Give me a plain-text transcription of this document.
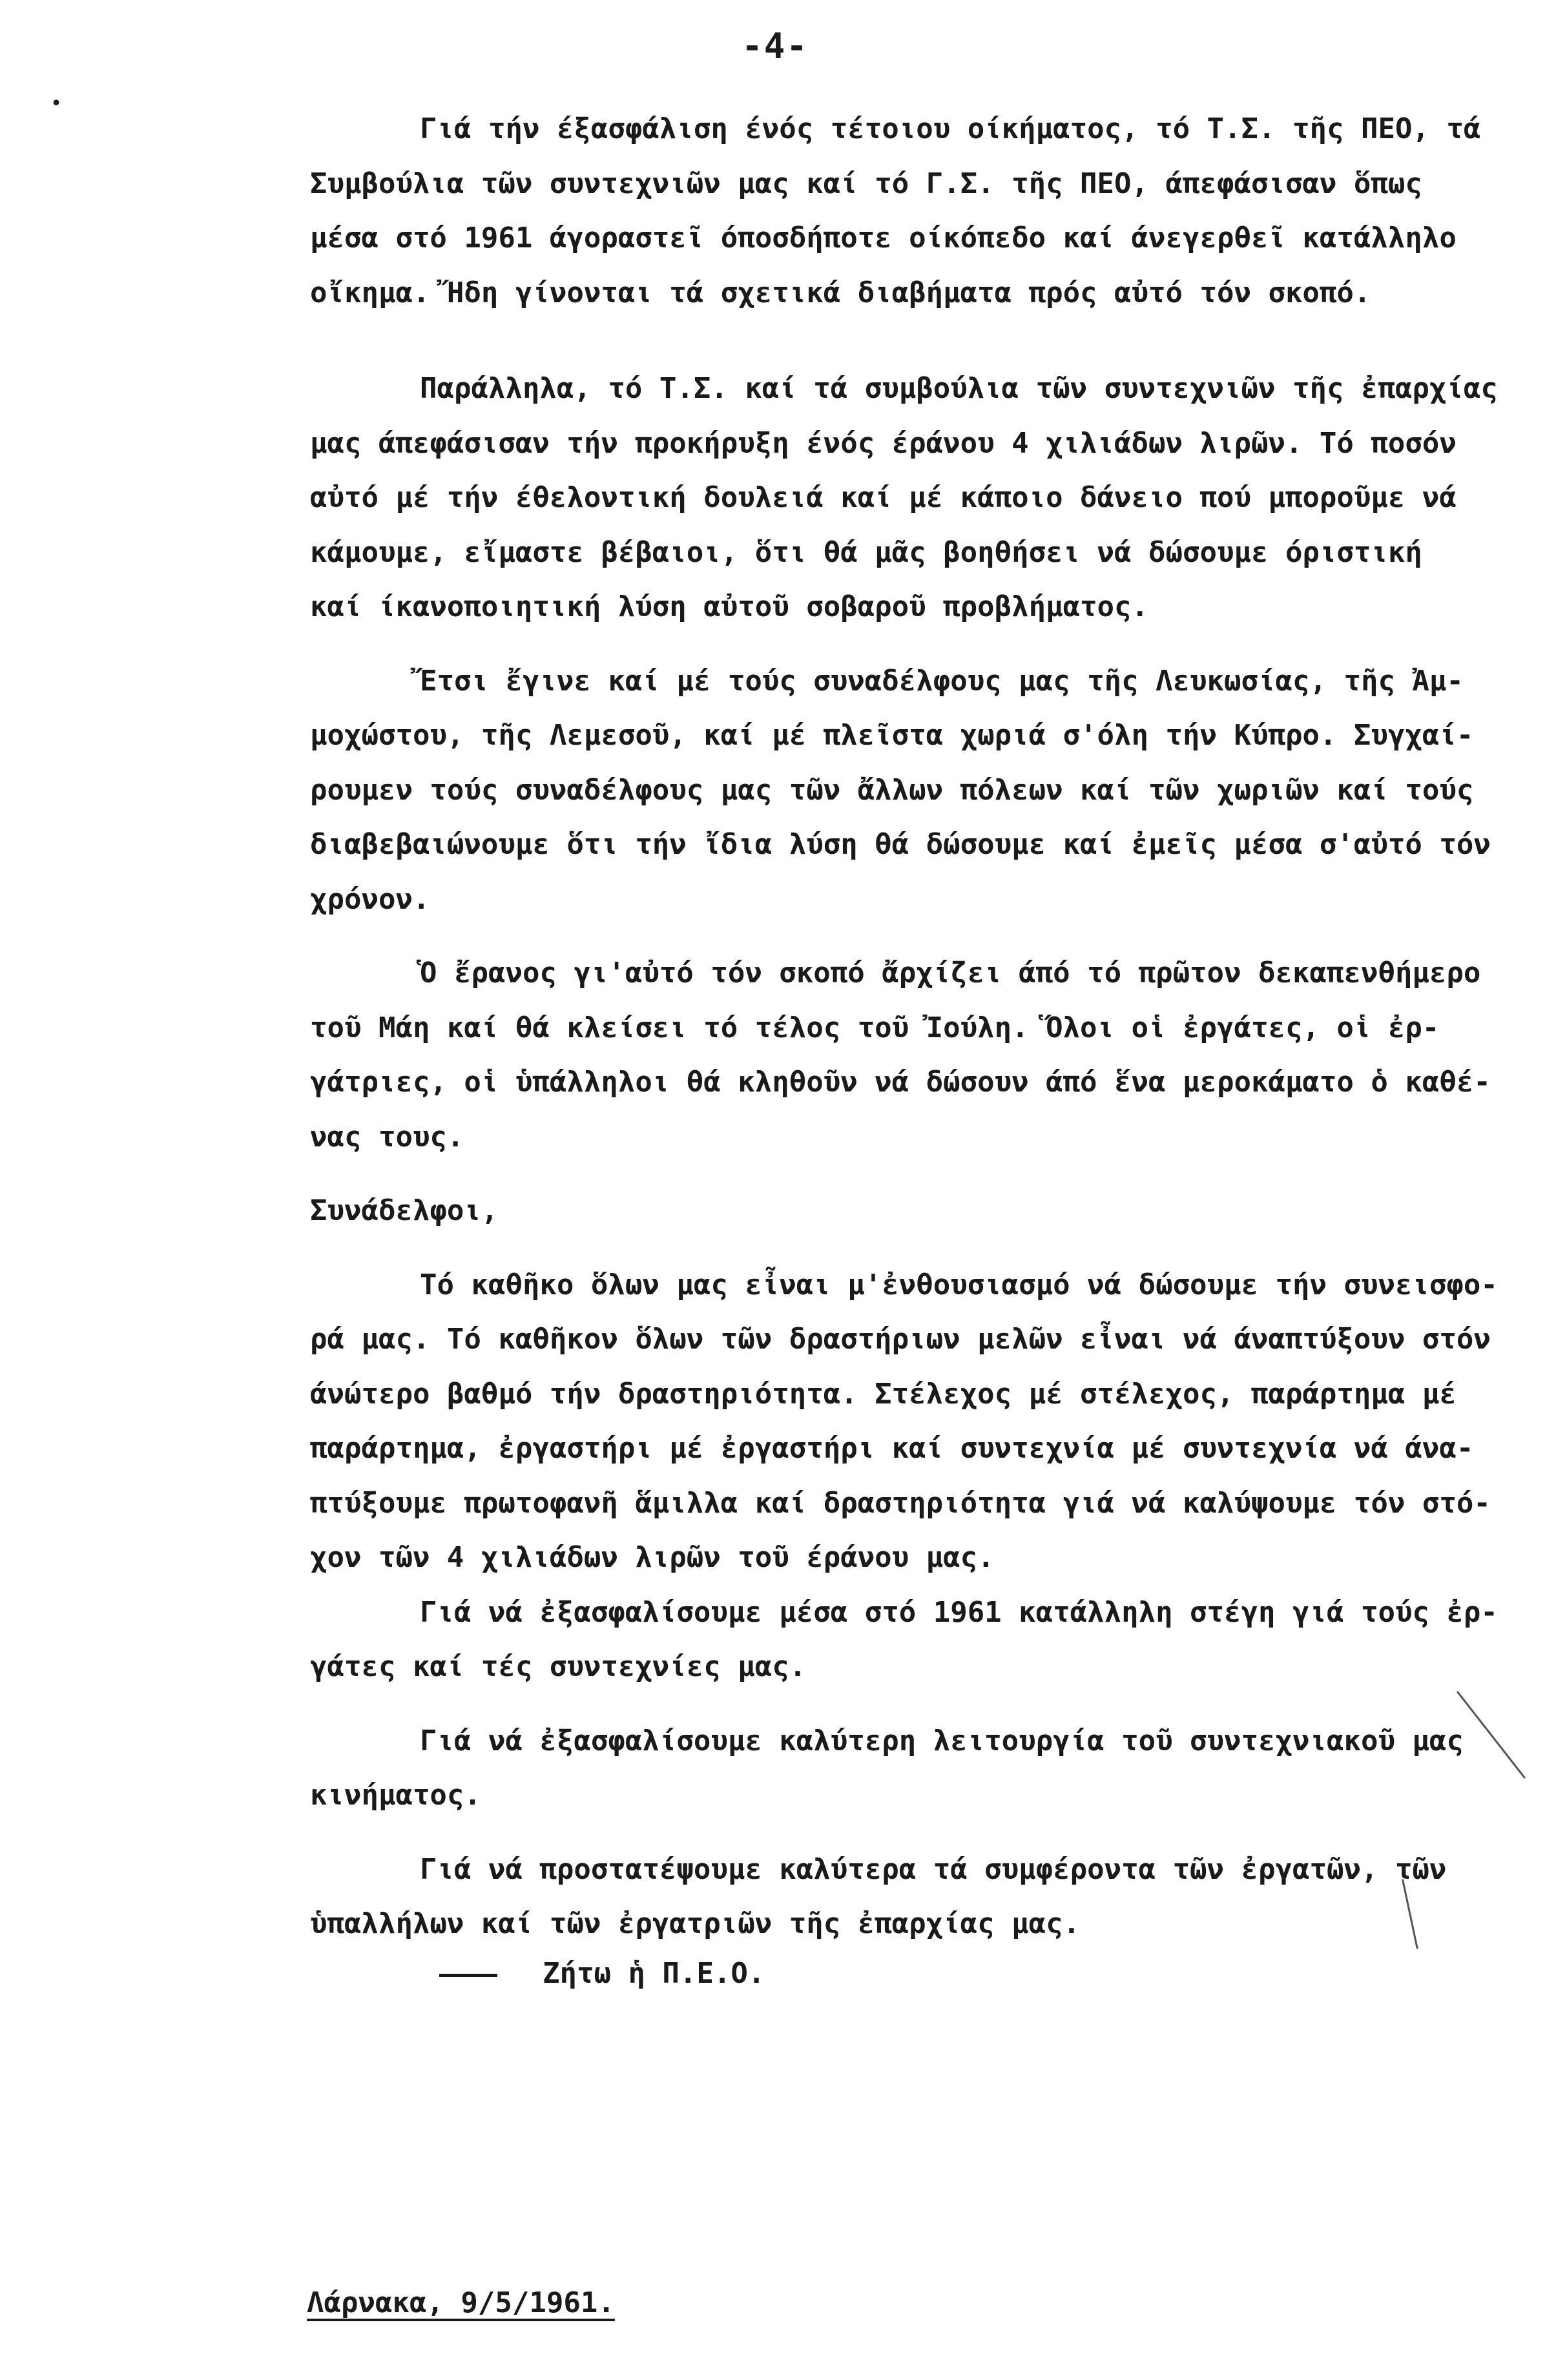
•
-4-
Γιά τήν έξασφάλιση ένός τέτοιου οίκήματος, τό Τ.Σ. τῆς ΠΕΟ, τά
Συμβούλια τῶν συντεχνιῶν μας καί τό Γ.Σ. τῆς ΠΕΟ, άπεφάσισαν ὅπως
μέσα στό 1961 άγοραστεῖ όποσδήποτε οίκόπεδο καί άνεγερθεῖ κατάλληλο
οἴκημα. Ἤδη γίνονται τά σχετικά διαβήματα πρός αὐτό τόν σκοπό.
Παράλληλα, τό Τ.Σ. καί τά συμβούλια τῶν συντεχνιῶν τῆς ἐπαρχίας
μας άπεφάσισαν τήν προκήρυξη ένός έράνου 4 χιλιάδων λιρῶν. Τό ποσόν
αὐτό μέ τήν έθελοντική δουλειά καί μέ κάποιο δάνειο πού μποροῦμε νά
κάμουμε, εἴμαστε βέβαιοι, ὅτι θά μᾶς βοηθήσει νά δώσουμε όριστική
καί ίκανοποιητική λύση αὐτοῦ σοβαροῦ προβλήματος.
Ἔτσι ἔγινε καί μέ τούς συναδέλφους μας τῆς Λευκωσίας, τῆς Ἀμ-
μοχώστου, τῆς Λεμεσοῦ, καί μέ πλεῖστα χωριά σ'όλη τήν Κύπρο. Συγχαί-
ρουμεν τούς συναδέλφους μας τῶν ἄλλων πόλεων καί τῶν χωριῶν καί τούς
διαβεβαιώνουμε ὅτι τήν ἴδια λύση θά δώσουμε καί ἐμεῖς μέσα σ'αὐτό τόν
χρόνον.
Ὁ ἔρανος γι'αὐτό τόν σκοπό ἄρχίζει άπό τό πρῶτον δεκαπενθήμερο
τοῦ Μάη καί θά κλείσει τό τέλος τοῦ Ἰούλη. Ὅλοι οἱ ἐργάτες, οἱ ἐρ-
γάτριες, οἱ ὑπάλληλοι θά κληθοῦν νά δώσουν άπό ἕνα μεροκάματο ὁ καθέ-
νας τους.
Συνάδελφοι,
Τό καθῆκο ὅλων μας εἶναι μ'ἐνθουσιασμό νά δώσουμε τήν συνεισφο-
ρά μας. Τό καθῆκον ὅλων τῶν δραστήριων μελῶν εἶναι νά άναπτύξουν στόν
άνώτερο βαθμό τήν δραστηριότητα. Στέλεχος μέ στέλεχος, παράρτημα μέ
παράρτημα, ἐργαστήρι μέ ἐργαστήρι καί συντεχνία μέ συντεχνία νά άνα-
πτύξουμε πρωτοφανῆ ἅμιλλα καί δραστηριότητα γιά νά καλύψουμε τόν στό-
χον τῶν 4 χιλιάδων λιρῶν τοῦ έράνου μας.
Γιά νά ἐξασφαλίσουμε μέσα στό 1961 κατάλληλη στέγη γιά τούς ἐρ-
γάτες καί τές συντεχνίες μας.
Γιά νά ἐξασφαλίσουμε καλύτερη λειτουργία τοῦ συντεχνιακοῦ μας
κινήματος.
Γιά νά προστατέψουμε καλύτερα τά συμφέροντα τῶν ἐργατῶν, τῶν
ὑπαλλήλων καί τῶν ἐργατριῶν τῆς ἐπαρχίας μας.
Ζήτω ἡ Π.Ε.Ο.
Λάρνακα, 9/5/1961.
